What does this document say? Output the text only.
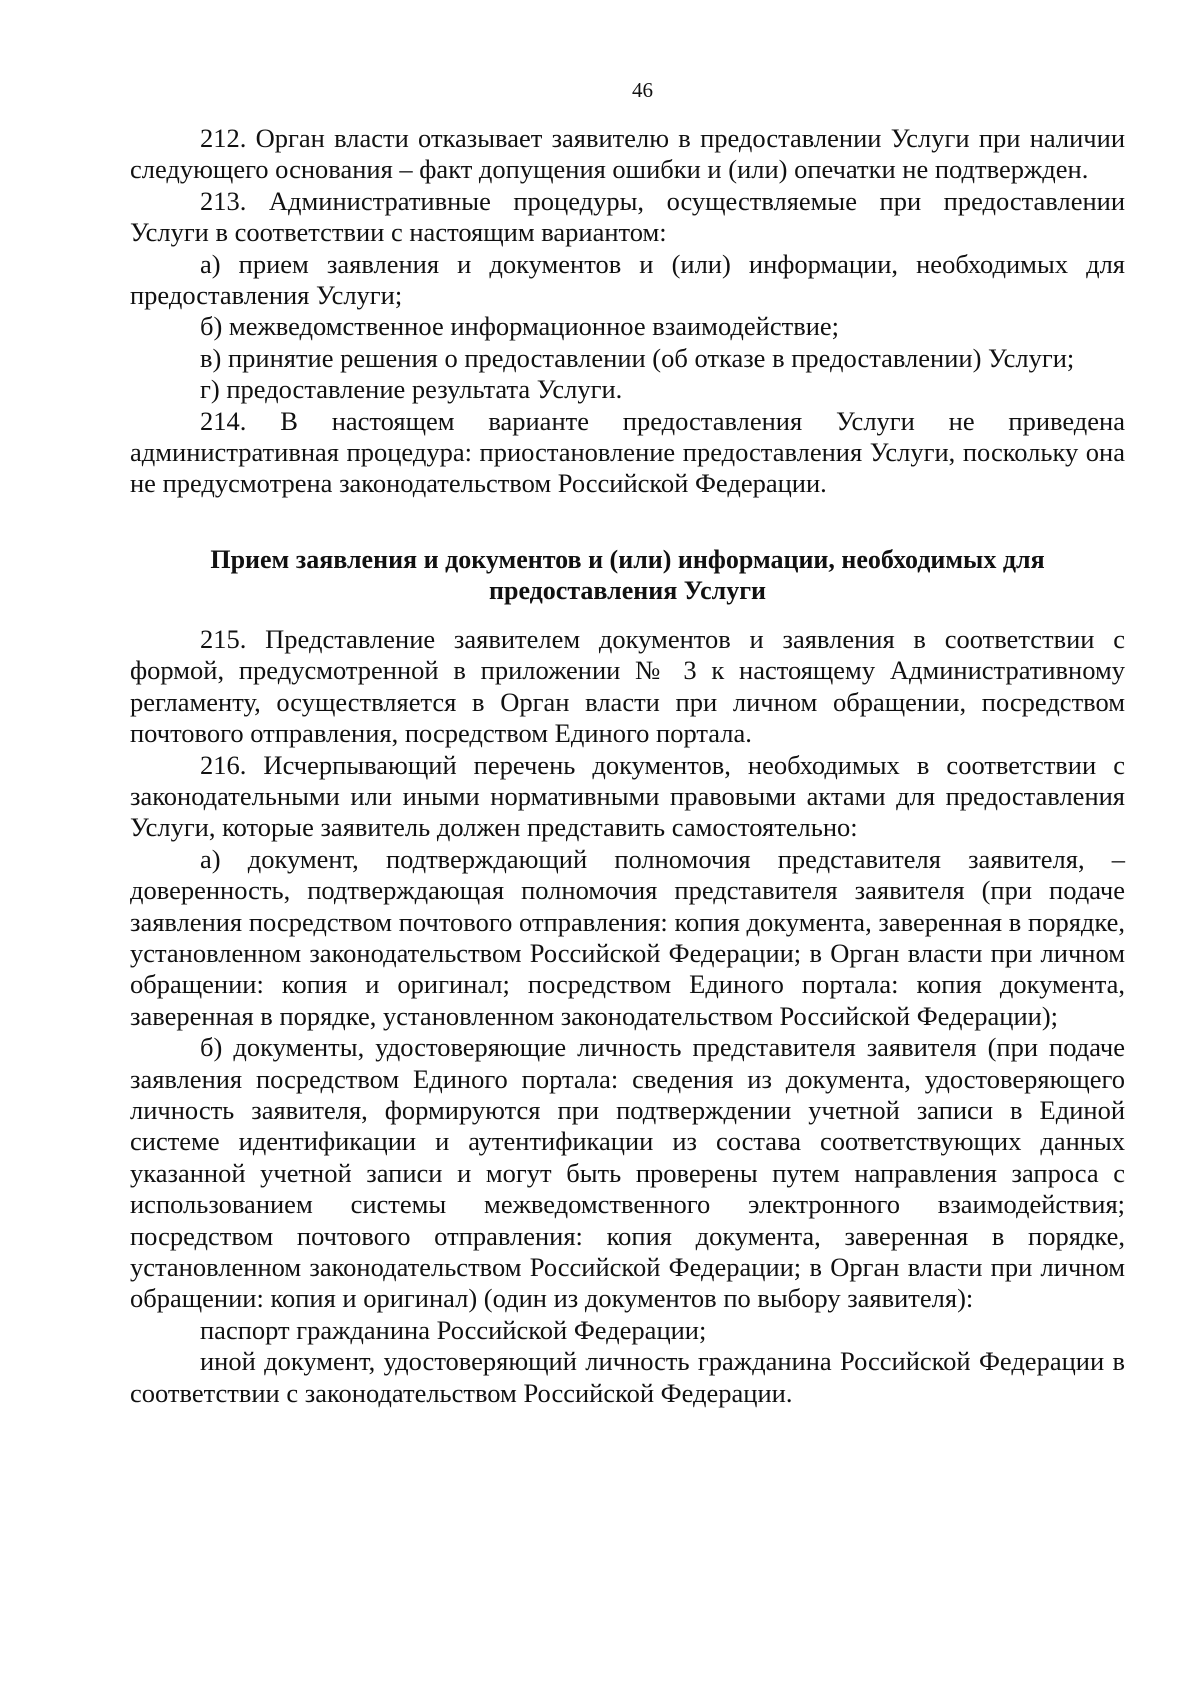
46

212. Орган власти отказывает заявителю в предоставлении Услуги при наличии следующего основания – факт допущения ошибки и (или) опечатки не подтвержден.

213. Административные процедуры, осуществляемые при предоставлении Услуги в соответствии с настоящим вариантом:

а) прием заявления и документов и (или) информации, необходимых для предоставления Услуги;

б) межведомственное информационное взаимодействие;

в) принятие решения о предоставлении (об отказе в предоставлении) Услуги;

г) предоставление результата Услуги.

214. В настоящем варианте предоставления Услуги не приведена административная процедура: приостановление предоставления Услуги, поскольку она не предусмотрена законодательством Российской Федерации.

Прием заявления и документов и (или) информации, необходимых для предоставления Услуги

215. Представление заявителем документов и заявления в соответствии с формой, предусмотренной в приложении № 3 к настоящему Административному регламенту, осуществляется в Орган власти при личном обращении, посредством почтового отправления, посредством Единого портала.

216. Исчерпывающий перечень документов, необходимых в соответствии с законодательными или иными нормативными правовыми актами для предоставления Услуги, которые заявитель должен представить самостоятельно:

а) документ, подтверждающий полномочия представителя заявителя, – доверенность, подтверждающая полномочия представителя заявителя (при подаче заявления посредством почтового отправления: копия документа, заверенная в порядке, установленном законодательством Российской Федерации; в Орган власти при личном обращении: копия и оригинал; посредством Единого портала: копия документа, заверенная в порядке, установленном законодательством Российской Федерации);

б) документы, удостоверяющие личность представителя заявителя (при подаче заявления посредством Единого портала: сведения из документа, удостоверяющего личность заявителя, формируются при подтверждении учетной записи в Единой системе идентификации и аутентификации из состава соответствующих данных указанной учетной записи и могут быть проверены путем направления запроса с использованием системы межведомственного электронного взаимодействия; посредством почтового отправления: копия документа, заверенная в порядке, установленном законодательством Российской Федерации; в Орган власти при личном обращении: копия и оригинал) (один из документов по выбору заявителя):

паспорт гражданина Российской Федерации;

иной документ, удостоверяющий личность гражданина Российской Федерации в соответствии с законодательством Российской Федерации.
